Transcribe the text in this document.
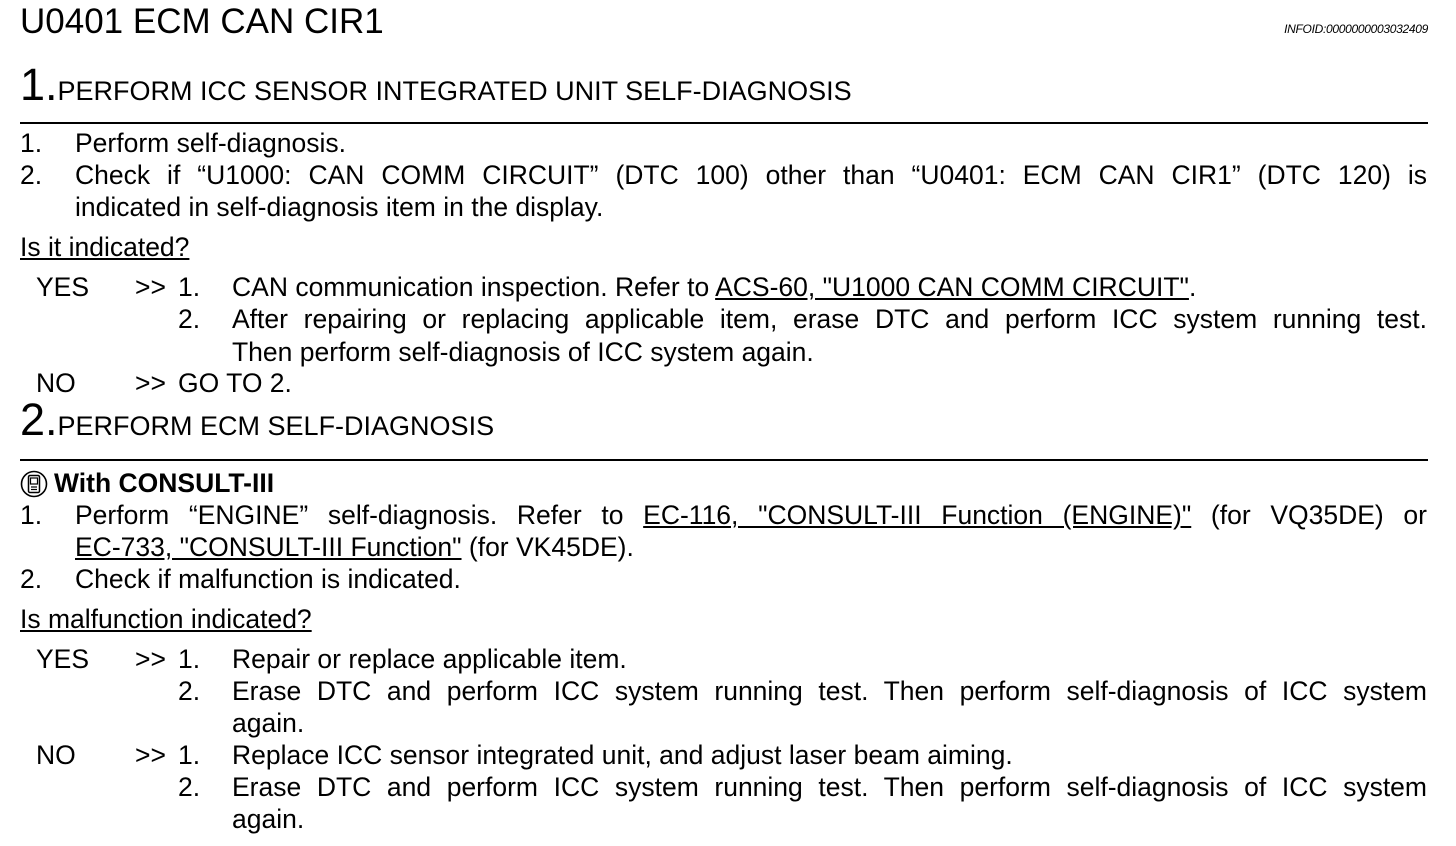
U0401 ECM CAN CIR1	INFOID:0000000003032409
1.PERFORM ICC SENSOR INTEGRATED UNIT SELF-DIAGNOSIS
1. Perform self-diagnosis.
2. Check if “U1000: CAN COMM CIRCUIT” (DTC 100) other than “U0401: ECM CAN CIR1” (DTC 120) is
indicated in self-diagnosis item in the display.
Is it indicated?
YES >> 1. CAN communication inspection. Refer to ACS-60, "U1000 CAN COMM CIRCUIT".
2. After repairing or replacing applicable item, erase DTC and perform ICC system running test.
Then perform self-diagnosis of ICC system again.
NO >> GO TO 2.
2.PERFORM ECM SELF-DIAGNOSIS
With CONSULT-III
1. Perform “ENGINE” self-diagnosis. Refer to EC-116, "CONSULT-III Function (ENGINE)" (for VQ35DE) or
EC-733, "CONSULT-III Function" (for VK45DE).
2. Check if malfunction is indicated.
Is malfunction indicated?
YES >> 1. Repair or replace applicable item.
2. Erase DTC and perform ICC system running test. Then perform self-diagnosis of ICC system
again.
NO >> 1. Replace ICC sensor integrated unit, and adjust laser beam aiming.
2. Erase DTC and perform ICC system running test. Then perform self-diagnosis of ICC system
again.
